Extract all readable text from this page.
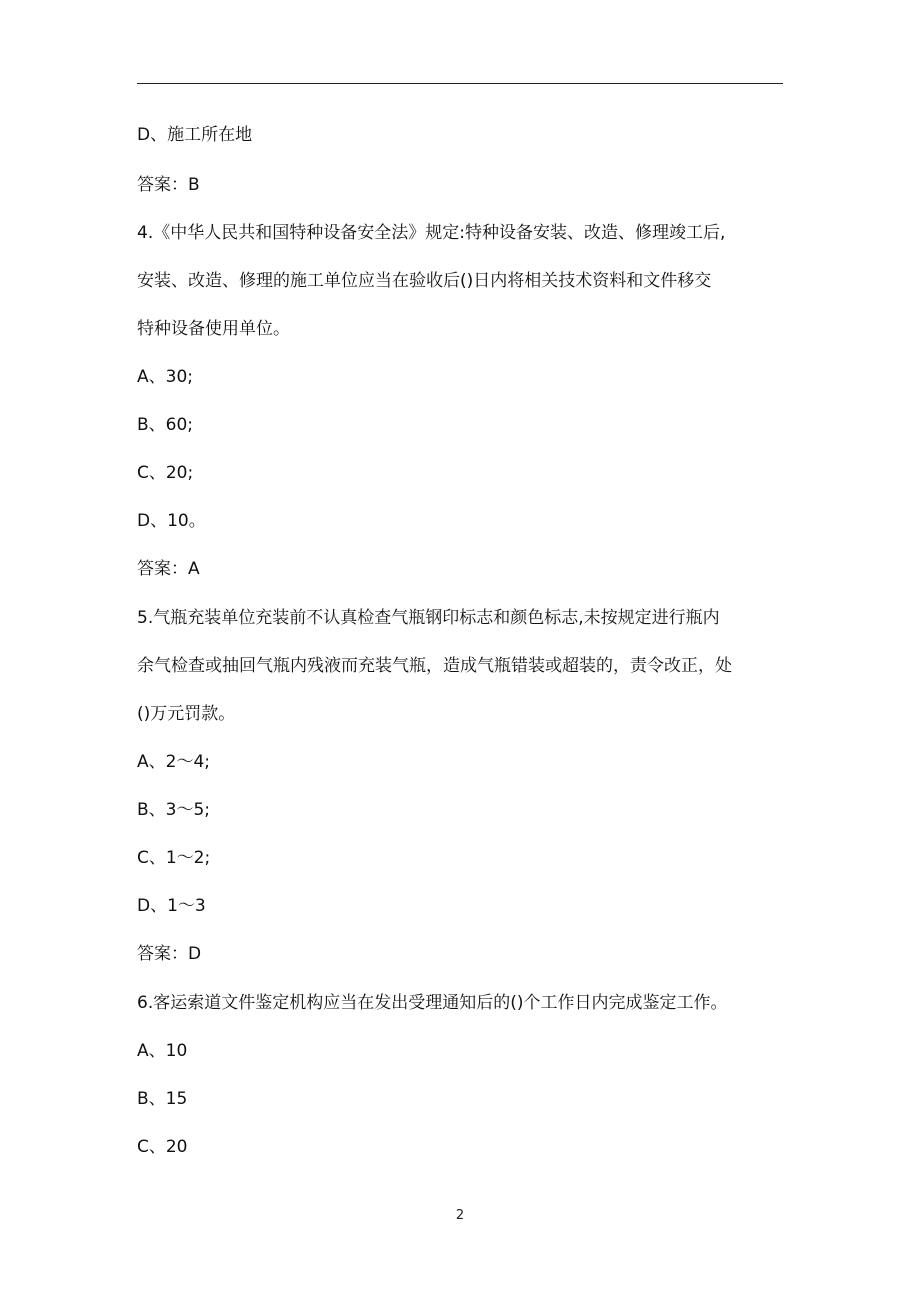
D、施工所在地
答案：B
4.《中华人民共和国特种设备安全法》规定:特种设备安装、改造、修理竣工后,
安装、改造、修理的施工单位应当在验收后()日内将相关技术资料和文件移交
特种设备使用单位。
A、30;
B、60;
C、20;
D、10。
答案：A
5.气瓶充装单位充装前不认真检查气瓶钢印标志和颜色标志,未按规定进行瓶内
余气检查或抽回气瓶内残液而充装气瓶，造成气瓶错装或超装的，责令改正，处
()万元罚款。
A、2～4;
B、3～5;
C、1～2;
D、1～3
答案：D
6.客运索道文件鉴定机构应当在发出受理通知后的()个工作日内完成鉴定工作。
A、10
B、15
C、20
2
